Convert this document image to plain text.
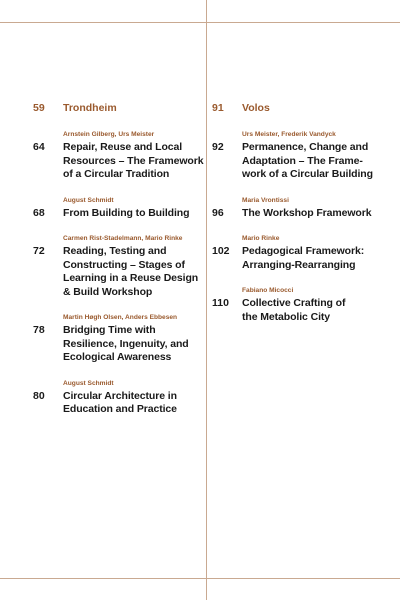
59	Trondheim
Arnstein Gilberg, Urs Meister
64	Repair, Reuse and Local
Resources – The Framework
of a Circular Tradition
August Schmidt
68	From Building to Building
Carmen Rist-Stadelmann, Mario Rinke
72	Reading, Testing and
Constructing – Stages of
Learning in a Reuse Design
& Build Workshop
Martin Høgh Olsen, Anders Ebbesen
78	Bridging Time with
Resilience, Ingenuity, and
Ecological Awareness
August Schmidt
80	Circular Architecture in
Education and Practice
91	Volos
Urs Meister, Frederik Vandyck
92	Permanence, Change and
Adaptation – The Frame-
work of a Circular Building
Maria Vrontissi
96	The Workshop Framework
Mario Rinke
102	Pedagogical Framework:
Arranging-Rearranging
Fabiano Micocci
110	Collective Crafting of
the Metabolic City
